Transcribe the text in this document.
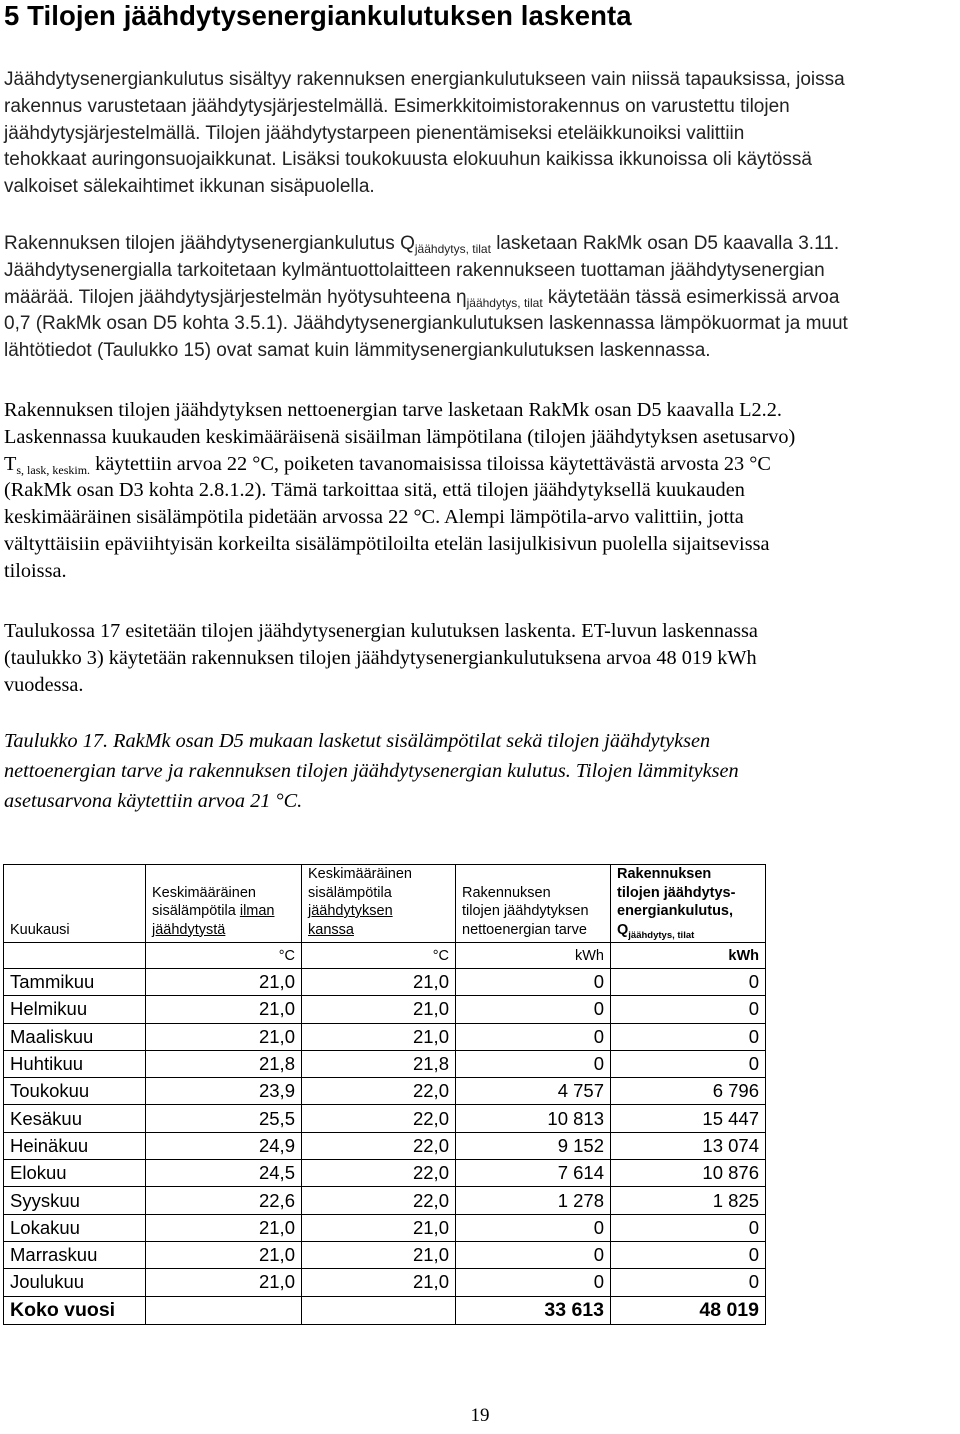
5 Tilojen jäähdytysenergiankulutuksen laskenta
Jäähdytysenergiankulutus sisältyy rakennuksen energiankulutukseen vain niissä tapauksissa, joissa
rakennus varustetaan jäähdytysjärjestelmällä. Esimerkkitoimistorakennus on varustettu tilojen
jäähdytysjärjestelmällä. Tilojen jäähdytystarpeen pienentämiseksi eteläikkunoiksi valittiin
tehokkaat auringonsuojaikkunat. Lisäksi toukokuusta elokuuhun kaikissa ikkunoissa oli käytössä
valkoiset sälekaihtimet ikkunan sisäpuolella.
Rakennuksen tilojen jäähdytysenergiankulutus $Q_{jäähdytys, tilat}$ lasketaan RakMk osan D5 kaavalla 3.11.
Jäähdytysenergialla tarkoitetaan kylmäntuottolaitteen rakennukseen tuottaman jäähdytysenergian
määrää. Tilojen jäähdytysjärjestelmän hyötysuhteena $\eta_{jäähdytys, tilat}$ käytetään tässä esimerkissä arvoa
0,7 (RakMk osan D5 kohta 3.5.1). Jäähdytysenergiankulutuksen laskennassa lämpökuormat ja muut
lähtötiedot (Taulukko 15) ovat samat kuin lämmitysenergiankulutuksen laskennassa.
Rakennuksen tilojen jäähdytyksen nettoenergian tarve lasketaan RakMk osan D5 kaavalla L2.2.
Laskennassa kuukauden keskimääräisenä sisäilman lämpötilana (tilojen jäähdytyksen asetusarvo)
$T_{s, lask, keskim.}$ käytettiin arvoa 22 °C, poiketen tavanomaisissa tiloissa käytettävästä arvosta 23 °C
(RakMk osan D3 kohta 2.8.1.2). Tämä tarkoittaa sitä, että tilojen jäähdytyksellä kuukauden
keskimääräinen sisälämpötila pidetään arvossa 22 °C. Alempi lämpötila-arvo valittiin, jotta
vältyttäisiin epäviihtyisän korkeilta sisälämpötiloilta etelän lasijulkisivun puolella sijaitsevissa
tiloissa.
Taulukossa 17 esitetään tilojen jäähdytysenergian kulutuksen laskenta. ET-luvun laskennassa
(taulukko 3) käytetään rakennuksen tilojen jäähdytysenergiankulutuksena arvoa 48 019 kWh
vuodessa.
Taulukko 17. RakMk osan D5 mukaan lasketut sisälämpötilat sekä tilojen jäähdytyksen
nettoenergian tarve ja rakennuksen tilojen jäähdytysenergian kulutus. Tilojen lämmityksen
asetusarvona käytettiin arvoa 21 °C.
Kuukausi	Keskimääräinen
sisälämpötila ilman
jäähdytystä	Keskimääräinen
sisälämpötila
jäähdytyksen
kanssa	Rakennuksen
tilojen jäähdytyksen
nettoenergian tarve	Rakennuksen
tilojen jäähdytys-
energiankulutus,
$Q_{jäähdytys, tilat}$

	°C	°C	kWh	kWh
Tammikuu	21,0	21,0	0	0
Helmikuu	21,0	21,0	0	0
Maaliskuu	21,0	21,0	0	0
Huhtikuu	21,8	21,8	0	0
Toukokuu	23,9	22,0	4 757	6 796
Kesäkuu	25,5	22,0	10 813	15 447
Heinäkuu	24,9	22,0	9 152	13 074
Elokuu	24,5	22,0	7 614	10 876
Syyskuu	22,6	22,0	1 278	1 825
Lokakuu	21,0	21,0	0	0
Marraskuu	21,0	21,0	0	0
Joulukuu	21,0	21,0	0	0
Koko vuosi			33 613	48 019
19
